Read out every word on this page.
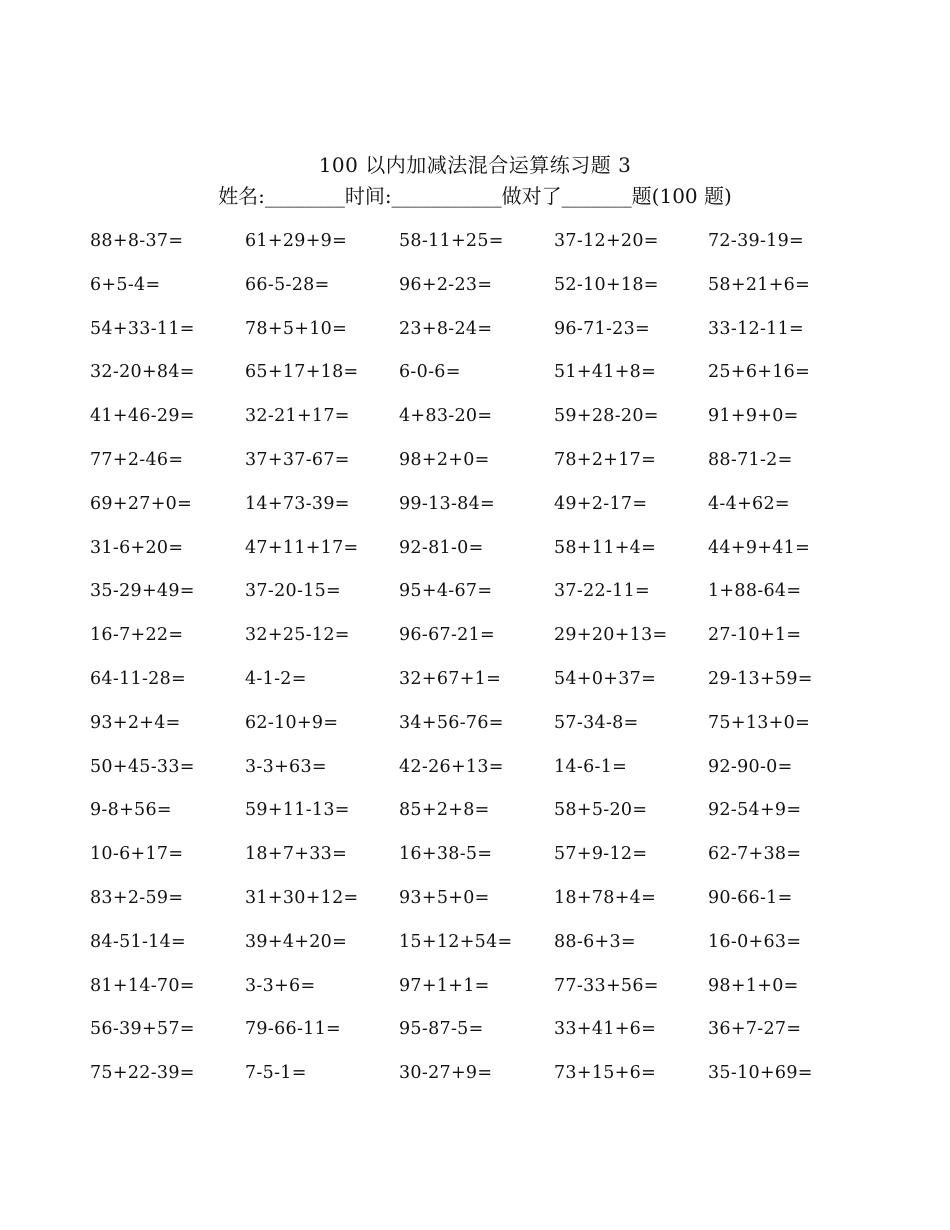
100 以内加减法混合运算练习题 3
姓名:________时间:___________做对了_______题(100 题)
88+8-37=	61+29+9=	58-11+25=	37-12+20=	72-39-19=
6+5-4=	66-5-28=	96+2-23=	52-10+18=	58+21+6=
54+33-11=	78+5+10=	23+8-24=	96-71-23=	33-12-11=
32-20+84=	65+17+18=	6-0-6=	51+41+8=	25+6+16=
41+46-29=	32-21+17=	4+83-20=	59+28-20=	91+9+0=
77+2-46=	37+37-67=	98+2+0=	78+2+17=	88-71-2=
69+27+0=	14+73-39=	99-13-84=	49+2-17=	4-4+62=
31-6+20=	47+11+17=	92-81-0=	58+11+4=	44+9+41=
35-29+49=	37-20-15=	95+4-67=	37-22-11=	1+88-64=
16-7+22=	32+25-12=	96-67-21=	29+20+13=	27-10+1=
64-11-28=	4-1-2=	32+67+1=	54+0+37=	29-13+59=
93+2+4=	62-10+9=	34+56-76=	57-34-8=	75+13+0=
50+45-33=	3-3+63=	42-26+13=	14-6-1=	92-90-0=
9-8+56=	59+11-13=	85+2+8=	58+5-20=	92-54+9=
10-6+17=	18+7+33=	16+38-5=	57+9-12=	62-7+38=
83+2-59=	31+30+12=	93+5+0=	18+78+4=	90-66-1=
84-51-14=	39+4+20=	15+12+54=	88-6+3=	16-0+63=
81+14-70=	3-3+6=	97+1+1=	77-33+56=	98+1+0=
56-39+57=	79-66-11=	95-87-5=	33+41+6=	36+7-27=
75+22-39=	7-5-1=	30-27+9=	73+15+6=	35-10+69=
